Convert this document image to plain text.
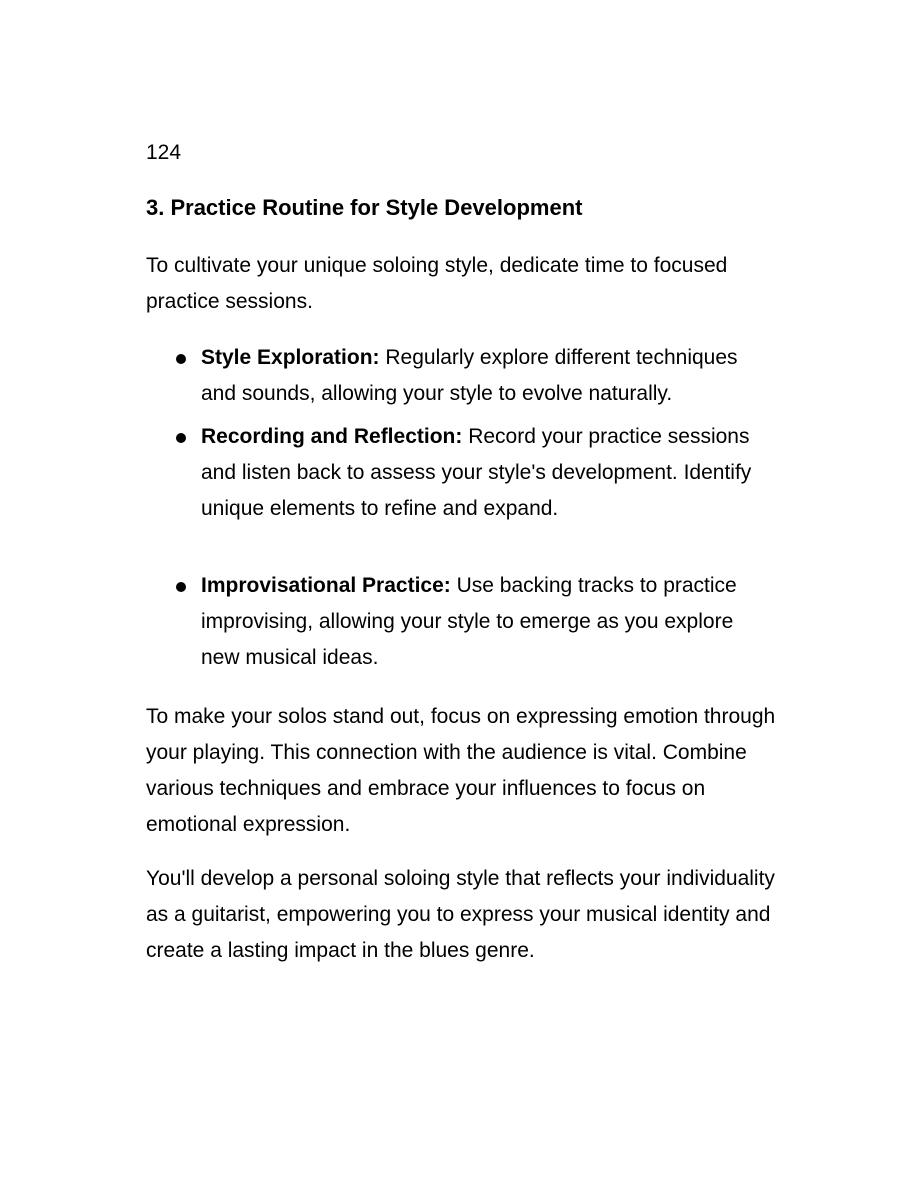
124
3. Practice Routine for Style Development

To cultivate your unique soloing style, dedicate time to focused practice sessions.

Style Exploration: Regularly explore different techniques and sounds, allowing your style to evolve naturally.
Recording and Reflection: Record your practice sessions and listen back to assess your style's development. Identify unique elements to refine and expand.
Improvisational Practice: Use backing tracks to practice improvising, allowing your style to emerge as you explore new musical ideas.

To make your solos stand out, focus on expressing emotion through your playing. This connection with the audience is vital. Combine various techniques and embrace your influences to focus on emotional expression.

You'll develop a personal soloing style that reflects your individuality as a guitarist, empowering you to express your musical identity and create a lasting impact in the blues genre.
